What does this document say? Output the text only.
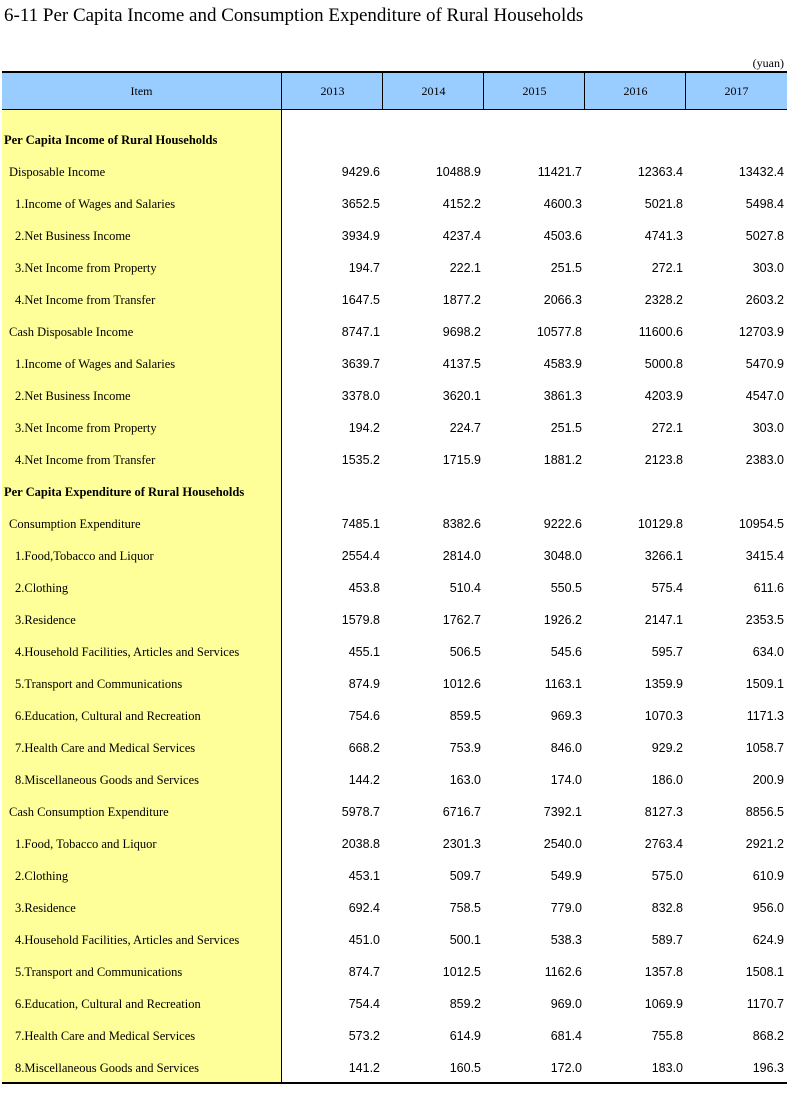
6-11 Per Capita Income and Consumption Expenditure of Rural Households
(yuan)
Item	2013	2014	2015	2016	2017
Per Capita Income of Rural Households
Disposable Income	9429.6	10488.9	11421.7	12363.4	13432.4
1.Income of Wages and Salaries	3652.5	4152.2	4600.3	5021.8	5498.4
2.Net Business Income	3934.9	4237.4	4503.6	4741.3	5027.8
3.Net Income from Property	194.7	222.1	251.5	272.1	303.0
4.Net Income from Transfer	1647.5	1877.2	2066.3	2328.2	2603.2
Cash Disposable Income	8747.1	9698.2	10577.8	11600.6	12703.9
1.Income of Wages and Salaries	3639.7	4137.5	4583.9	5000.8	5470.9
2.Net Business Income	3378.0	3620.1	3861.3	4203.9	4547.0
3.Net Income from Property	194.2	224.7	251.5	272.1	303.0
4.Net Income from Transfer	1535.2	1715.9	1881.2	2123.8	2383.0
Per Capita Expenditure of Rural Households
Consumption Expenditure	7485.1	8382.6	9222.6	10129.8	10954.5
1.Food,Tobacco and Liquor	2554.4	2814.0	3048.0	3266.1	3415.4
2.Clothing	453.8	510.4	550.5	575.4	611.6
3.Residence	1579.8	1762.7	1926.2	2147.1	2353.5
4.Household Facilities, Articles and Services	455.1	506.5	545.6	595.7	634.0
5.Transport and Communications	874.9	1012.6	1163.1	1359.9	1509.1
6.Education, Cultural and Recreation	754.6	859.5	969.3	1070.3	1171.3
7.Health Care and Medical Services	668.2	753.9	846.0	929.2	1058.7
8.Miscellaneous Goods and Services	144.2	163.0	174.0	186.0	200.9
Cash Consumption Expenditure	5978.7	6716.7	7392.1	8127.3	8856.5
1.Food, Tobacco and Liquor	2038.8	2301.3	2540.0	2763.4	2921.2
2.Clothing	453.1	509.7	549.9	575.0	610.9
3.Residence	692.4	758.5	779.0	832.8	956.0
4.Household Facilities, Articles and Services	451.0	500.1	538.3	589.7	624.9
5.Transport and Communications	874.7	1012.5	1162.6	1357.8	1508.1
6.Education, Cultural and Recreation	754.4	859.2	969.0	1069.9	1170.7
7.Health Care and Medical Services	573.2	614.9	681.4	755.8	868.2
8.Miscellaneous Goods and Services	141.2	160.5	172.0	183.0	196.3
